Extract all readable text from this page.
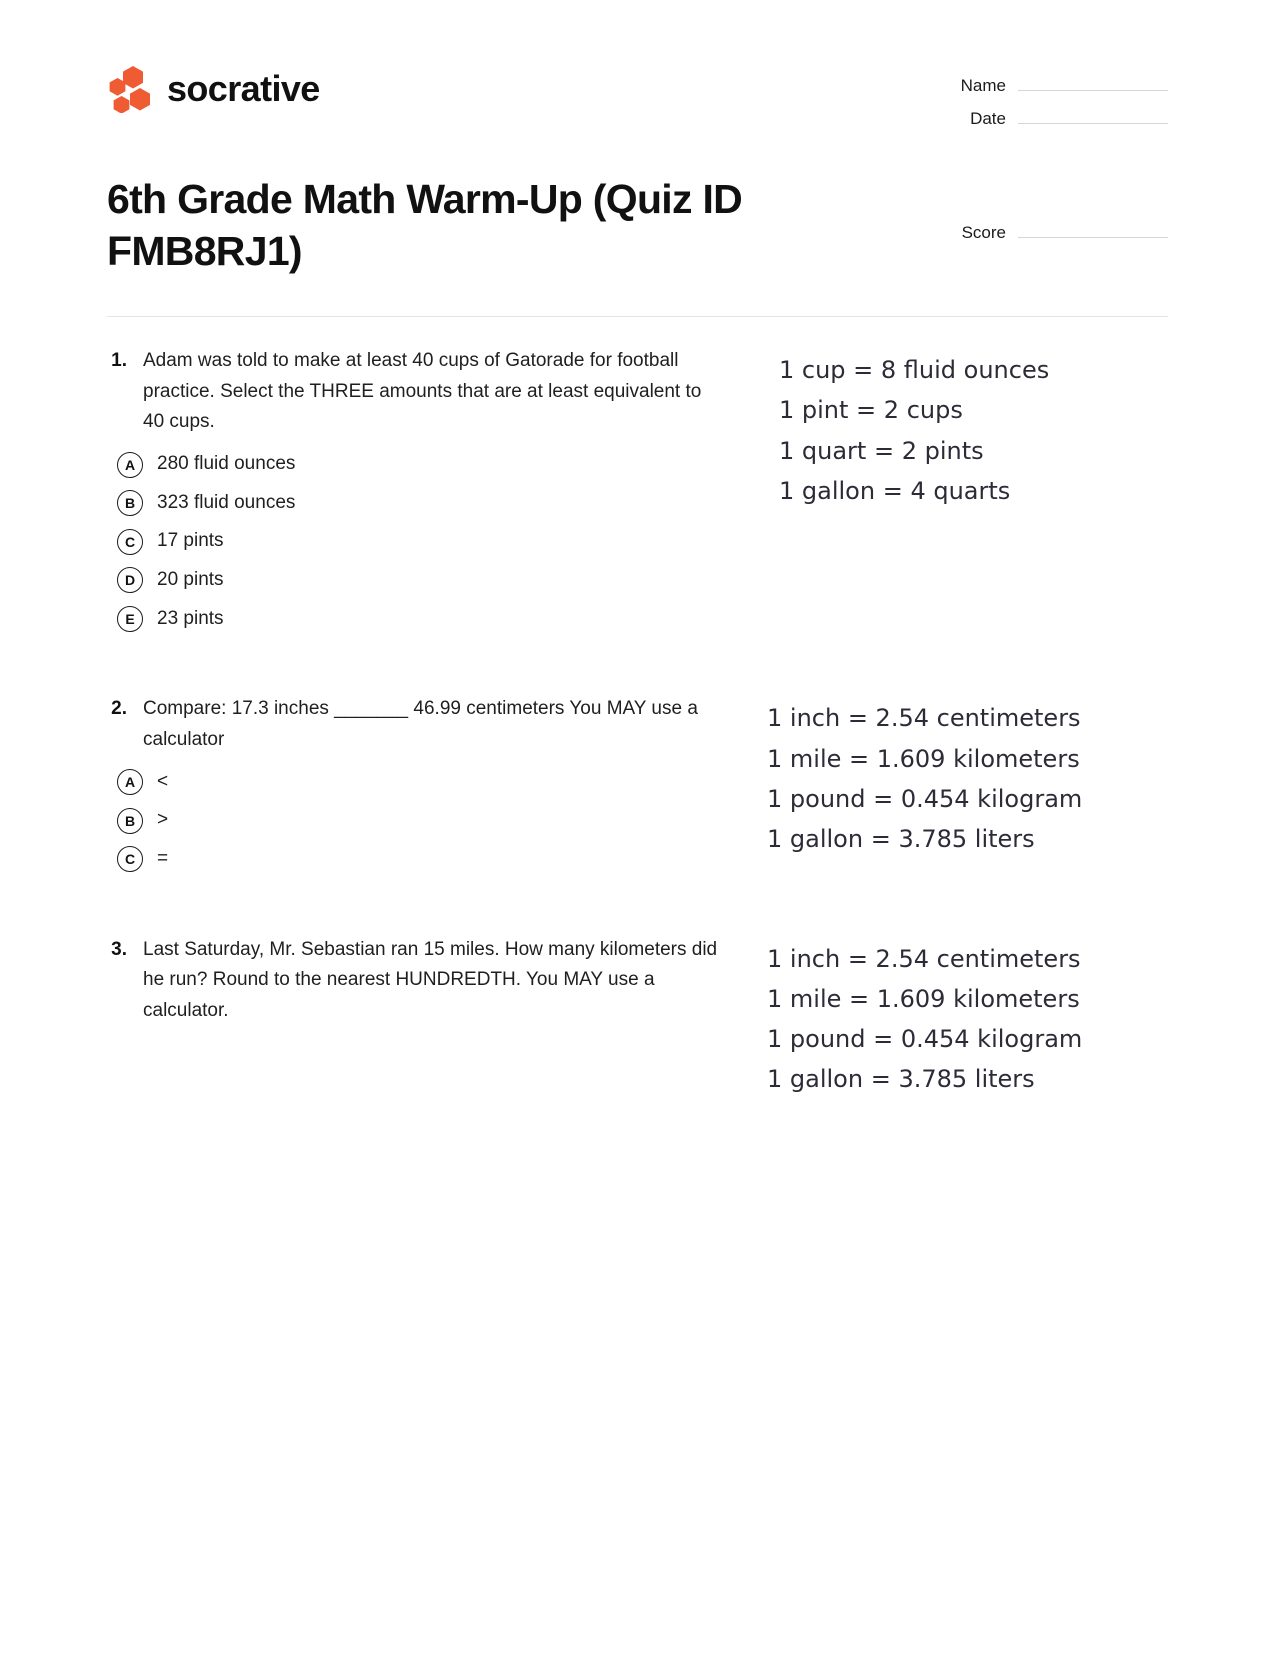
socrative	Name
Date
6th Grade Math Warm-Up (Quiz ID FMB8RJ1)	Score
1. Adam was told to make at least 40 cups of Gatorade for football practice. Select the THREE amounts that are at least equivalent to 40 cups.
A	280 fluid ounces
B	323 fluid ounces
C	17 pints
D	20 pints
E	23 pints
1 cup = 8 fluid ounces
1 pint = 2 cups
1 quart = 2 pints
1 gallon = 4 quarts
2. Compare: 17.3 inches _______ 46.99 centimeters You MAY use a calculator
A	<
B	>
C	=
1 inch = 2.54 centimeters
1 mile = 1.609 kilometers
1 pound = 0.454 kilogram
1 gallon = 3.785 liters
3. Last Saturday, Mr. Sebastian ran 15 miles. How many kilometers did he run? Round to the nearest HUNDREDTH. You MAY use a calculator.
1 inch = 2.54 centimeters
1 mile = 1.609 kilometers
1 pound = 0.454 kilogram
1 gallon = 3.785 liters
